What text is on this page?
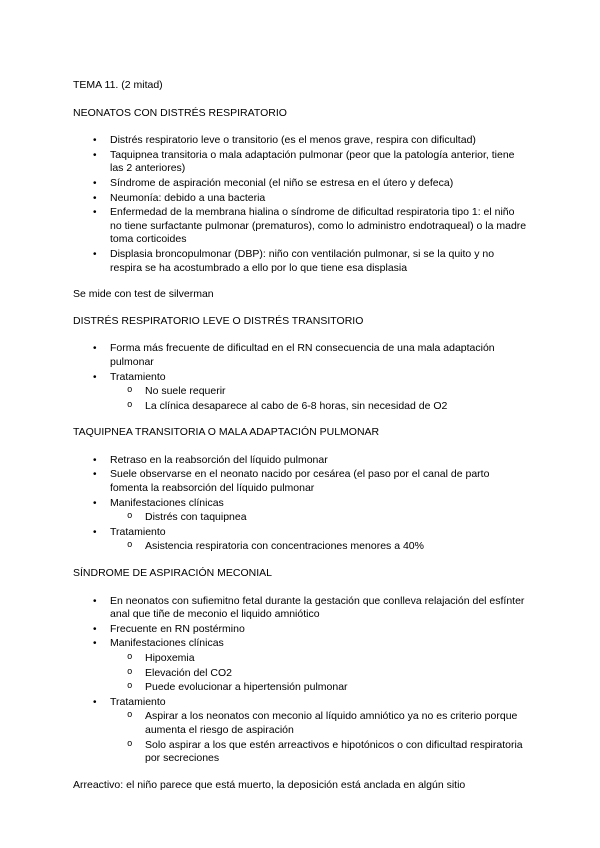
TEMA 11. (2 mitad)
NEONATOS CON DISTRÉS RESPIRATORIO
• Distrés respiratorio leve o transitorio (es el menos grave, respira con dificultad)
• Taquipnea transitoria o mala adaptación pulmonar (peor que la patología anterior, tiene las 2 anteriores)
• Síndrome de aspiración meconial (el niño se estresa en el útero y defeca)
• Neumonía: debido a una bacteria
• Enfermedad de la membrana hialina o síndrome de dificultad respiratoria tipo 1: el niño no tiene surfactante pulmonar (prematuros), como lo administro endotraqueal) o la madre toma corticoides
• Displasia broncopulmonar (DBP): niño con ventilación pulmonar, si se la quito y no respira se ha acostumbrado a ello por lo que tiene esa displasia
Se mide con test de silverman
DISTRÉS RESPIRATORIO LEVE O DISTRÉS TRANSITORIO
• Forma más frecuente de dificultad en el RN consecuencia de una mala adaptación pulmonar
• Tratamiento
o No suele requerir
o La clínica desaparece al cabo de 6-8 horas, sin necesidad de O2
TAQUIPNEA TRANSITORIA O MALA ADAPTACIÓN PULMONAR
• Retraso en la reabsorción del líquido pulmonar
• Suele observarse en el neonato nacido por cesárea (el paso por el canal de parto fomenta la reabsorción del líquido pulmonar
• Manifestaciones clínicas
o Distrés con taquipnea
• Tratamiento
o Asistencia respiratoria con concentraciones menores a 40%
SÍNDROME DE ASPIRACIÓN MECONIAL
• En neonatos con sufiemitno fetal durante la gestación que conlleva relajación del esfínter anal que tiñe de meconio el liquido amniótico
• Frecuente en RN postérmino
• Manifestaciones clínicas
o Hipoxemia
o Elevación del CO2
o Puede evolucionar a hipertensión pulmonar
• Tratamiento
o Aspirar a los neonatos con meconio al líquido amniótico ya no es criterio porque aumenta el riesgo de aspiración
o Solo aspirar a los que estén arreactivos e hipotónicos o con dificultad respiratoria por secreciones
Arreactivo: el niño parece que está muerto, la deposición está anclada en algún sitio
